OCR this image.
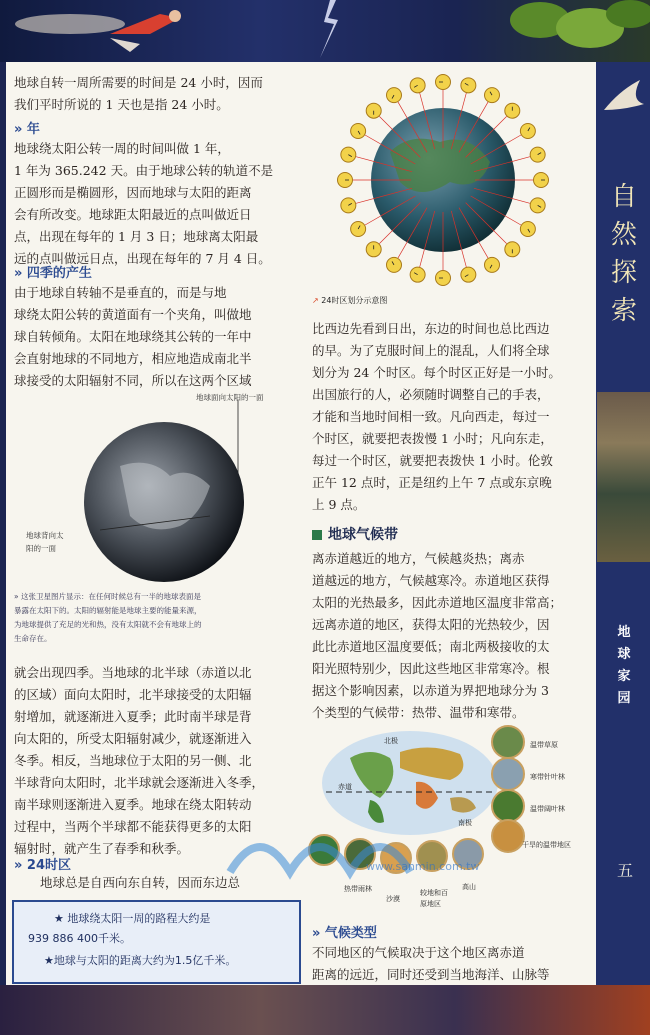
自
然
探
索
地
球
家
园
五

地球自转一周所需要的时间是 24 小时，因而

我们平时所说的 1 天也是指 24 小时。

» 年

地球绕太阳公转一周的时间叫做 1 年，

1 年为 365.242 天。由于地球公转的轨道不是

正圆形而是椭圆形，因而地球与太阳的距离

会有所改变。地球距太阳最近的点叫做近日

点，出现在每年的 1 月 3 日；地球离太阳最

远的点叫做远日点，出现在每年的 7 月 4 日。

» 四季的产生

由于地球自转轴不是垂直的，而是与地

球绕太阳公转的黄道面有一个夹角，叫做地

球自转倾角。太阳在地球绕其公转的一年中

会直射地球的不同地方，相应地造成南北半

球接受的太阳辐射不同，所以在这两个区域

地球面向太阳的一面

地球背向太

阳的一面

» 这张卫星图片显示：在任何时候总有一半的地球表面是

暴露在太阳下的。太阳的辐射能是地球主要的能量来源，

为地球提供了充足的光和热，没有太阳就不会有地球上的

生命存在。

就会出现四季。当地球的北半球（赤道以北

的区域）面向太阳时，北半球接受的太阳辐

射增加，就逐渐进入夏季；此时南半球是背

向太阳的，所受太阳辐射减少，就逐渐进入

冬季。相反，当地球位于太阳的另一侧、北

半球背向太阳时，北半球就会逐渐进入冬季，

南半球则逐渐进入夏季。地球在绕太阳转动

过程中，当两个半球都不能获得更多的太阳

辐射时，就产生了春季和秋季。

» 24时区

地球总是自西向东自转，因而东边总

★ 地球绕太阳一周的路程大约是

939 886 400千米。

★地球与太阳的距离大约为1.5亿千米。

↗ 24时区划分示意图

比西边先看到日出，东边的时间也总比西边

的早。为了克服时间上的混乱，人们将全球

划分为 24 个时区。每个时区正好是一小时。

出国旅行的人，必须随时调整自己的手表，

才能和当地时间相一致。凡向西走，每过一

个时区，就要把表拨慢 1 小时；凡向东走，

每过一个时区，就要把表拨快 1 小时。伦敦

正午 12 点时，正是纽约上午 7 点或东京晚

上 9 点。

地球气候带

离赤道越近的地方，气候越炎热；离赤

道越远的地方，气候越寒冷。赤道地区获得

太阳的光热最多，因此赤道地区温度非常高；

远离赤道的地区，获得太阳的光热较少，因

此比赤道地区温度要低；南北两极接收的太

阳光照特别少，因此这些地区非常寒冷。根

据这个影响因素，以赤道为界把地球分为 3

个类型的气候带：热带、温带和寒带。

北极

赤道

南极

温带草原

寒带针叶林

温带阔叶林

干旱的温带地区

热带雨林

沙漠

较地和百

原地区

高山

www.sanmin.com.tw

» 气候类型

不同地区的气候取决于这个地区离赤道

距离的远近，同时还受到当地海洋、山脉等
